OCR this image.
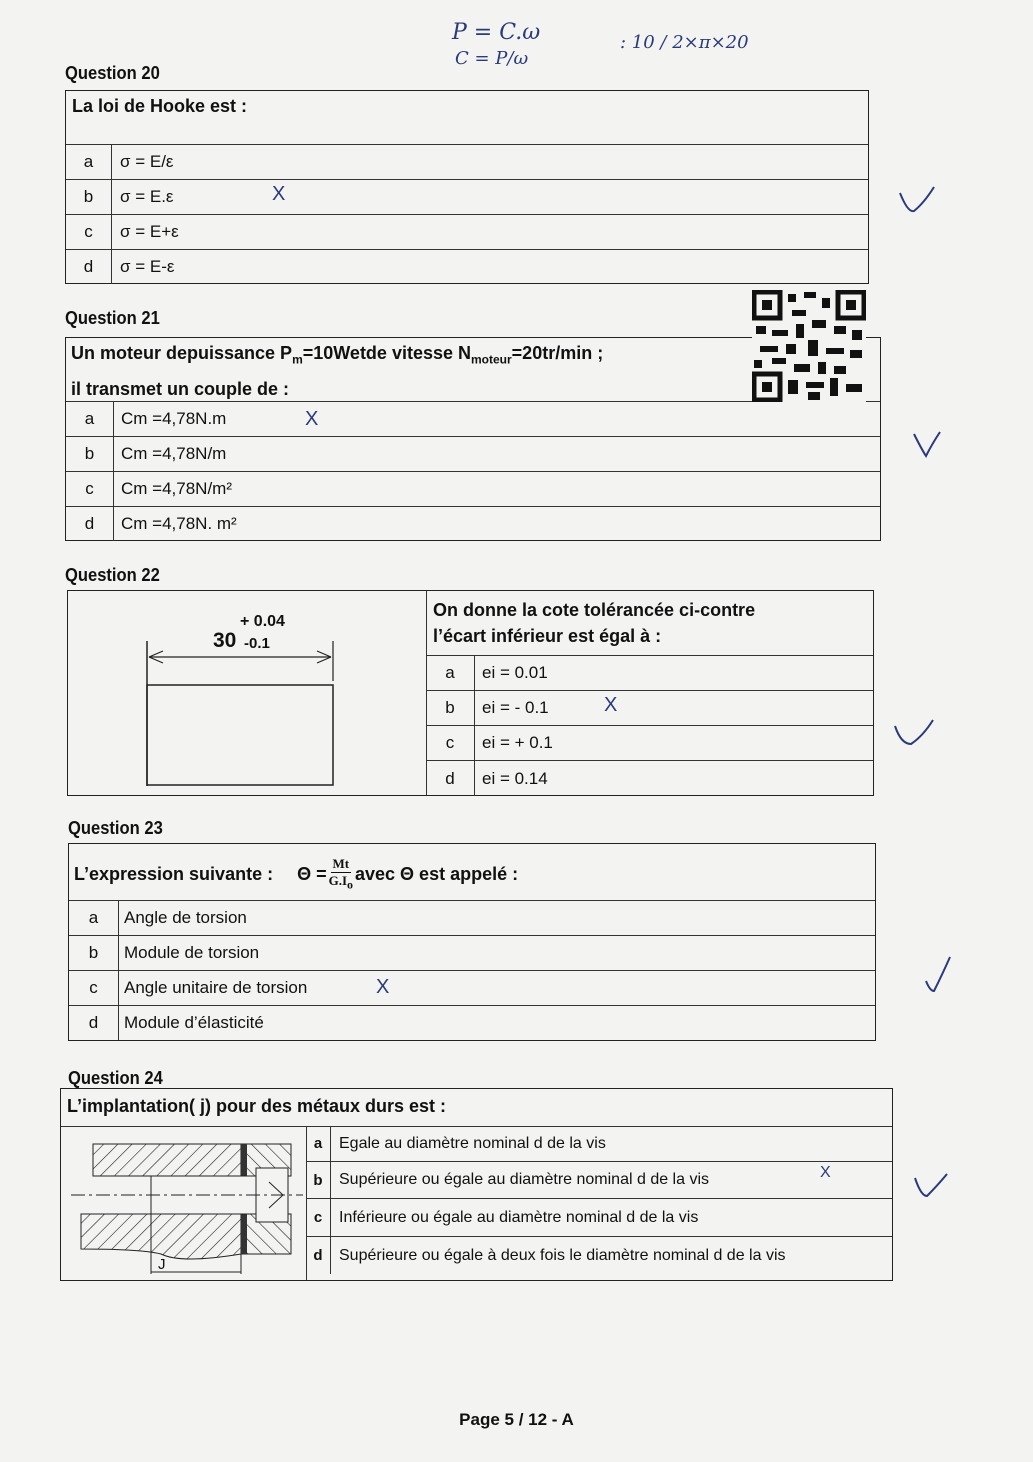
P = C.ω
C = P/ω
: 10 / 2×π×20
Question 20
La loi de Hooke est :
a	σ = E/ε
b	σ = E.ε
c	σ = E+ε
d	σ = E-ε
X
Question 21
Un moteur depuissance $P_m=10Wetde$ vitesse $N_{moteur}=20tr/\min$ ;
il transmet un couple de :
a	Cm =4,78N.m
b	Cm =4,78N/m
c	Cm =4,78N/m²
d	Cm =4,78N. m²
X
Question 22
+ 0.04
30 -0.1
On donne la cote tolérancée ci-contre
l’écart inférieur est égal à :
a	ei = 0.01
b	ei = - 0.1
c	ei = + 0.1
d	ei = 0.14
X
Question 23
L’expression suivante : $\Theta = \frac{Mt}{G.I_o}$ avec Θ est appelé :
a	Angle de torsion
b	Module de torsion
c	Angle unitaire de torsion
d	Module d’élasticité
X
Question 24
L’implantation( j) pour des métaux durs est :
J
a	Egale au diamètre nominal d de la vis
b	Supérieure ou égale au diamètre nominal d de la vis
c	Inférieure ou égale au diamètre nominal d de la vis
d	Supérieure ou égale à deux fois le diamètre nominal d de la vis
X
Page 5 / 12 - A
